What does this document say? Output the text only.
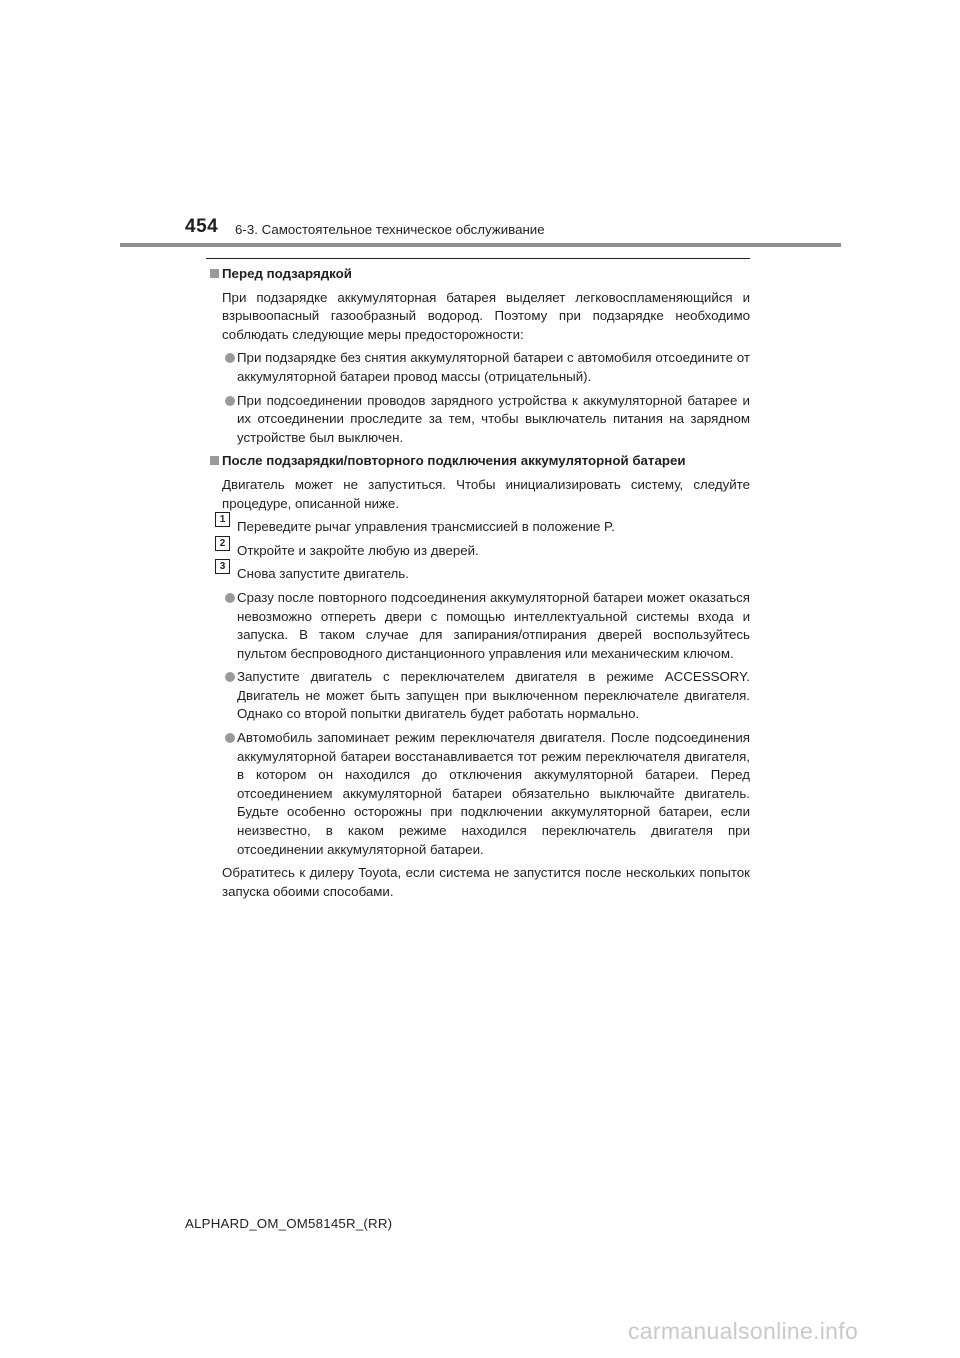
454 6-3. Самостоятельное техническое обслуживание
Перед подзарядкой
При подзарядке аккумуляторная батарея выделяет легковоспламеняющийся и взрывоопасный газообразный водород. Поэтому при подзарядке необходимо соблюдать следующие меры предосторожности:
При подзарядке без снятия аккумуляторной батареи с автомобиля отсоедините от аккумуляторной батареи провод массы (отрицательный).
При подсоединении проводов зарядного устройства к аккумуляторной батарее и их отсоединении проследите за тем, чтобы выключатель питания на зарядном устройстве был выключен.
После подзарядки/повторного подключения аккумуляторной батареи
Двигатель может не запуститься. Чтобы инициализировать систему, следуйте процедуре, описанной ниже.
1 Переведите рычаг управления трансмиссией в положение P.
2 Откройте и закройте любую из дверей.
3 Снова запустите двигатель.
Сразу после повторного подсоединения аккумуляторной батареи может оказаться невозможно отпереть двери с помощью интеллектуальной системы входа и запуска. В таком случае для запирания/отпирания дверей воспользуйтесь пультом беспроводного дистанционного управления или механическим ключом.
Запустите двигатель с переключателем двигателя в режиме ACCESSORY. Двигатель не может быть запущен при выключенном переключателе двигателя. Однако со второй попытки двигатель будет работать нормально.
Автомобиль запоминает режим переключателя двигателя. После подсоединения аккумуляторной батареи восстанавливается тот режим переключателя двигателя, в котором он находился до отключения аккумуляторной батареи. Перед отсоединением аккумуляторной батареи обязательно выключайте двигатель. Будьте особенно осторожны при подключении аккумуляторной батареи, если неизвестно, в каком режиме находился переключатель двигателя при отсоединении аккумуляторной батареи.
Обратитесь к дилеру Toyota, если система не запустится после нескольких попыток запуска обоими способами.
ALPHARD_OM_OM58145R_(RR)
carmanualsonline.info
